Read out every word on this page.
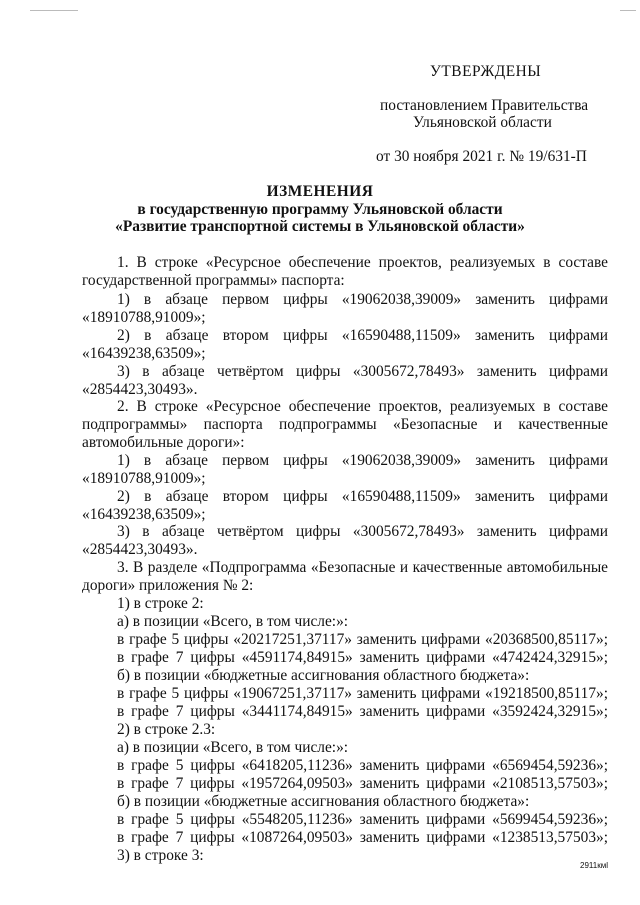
УТВЕРЖДЕНЫ
постановлением Правительства
Ульяновской области
от 30 ноября 2021 г. № 19/631-П
ИЗМЕНЕНИЯ
в государственную программу Ульяновской области
«Развитие транспортной системы в Ульяновской области»
1. В строке «Ресурсное обеспечение проектов, реализуемых в составе
государственной программы» паспорта:
1) в абзаце первом цифры «19062038,39009» заменить цифрами
«18910788,91009»;
2) в абзаце втором цифры «16590488,11509» заменить цифрами
«16439238,63509»;
3) в абзаце четвёртом цифры «3005672,78493» заменить цифрами
«2854423,30493».
2. В строке «Ресурсное обеспечение проектов, реализуемых в составе
подпрограммы» паспорта подпрограммы «Безопасные и качественные
автомобильные дороги»:
1) в абзаце первом цифры «19062038,39009» заменить цифрами
«18910788,91009»;
2) в абзаце втором цифры «16590488,11509» заменить цифрами
«16439238,63509»;
3) в абзаце четвёртом цифры «3005672,78493» заменить цифрами
«2854423,30493».
3. В разделе «Подпрограмма «Безопасные и качественные автомобильные
дороги» приложения № 2:
1) в строке 2:
а) в позиции «Всего, в том числе:»:
в графе 5 цифры «20217251,37117» заменить цифрами «20368500,85117»;
в графе 7 цифры «4591174,84915» заменить цифрами «4742424,32915»;
б) в позиции «бюджетные ассигнования областного бюджета»:
в графе 5 цифры «19067251,37117» заменить цифрами «19218500,85117»;
в графе 7 цифры «3441174,84915» заменить цифрами «3592424,32915»;
2) в строке 2.3:
а) в позиции «Всего, в том числе:»:
в графе 5 цифры «6418205,11236» заменить цифрами «6569454,59236»;
в графе 7 цифры «1957264,09503» заменить цифрами «2108513,57503»;
б) в позиции «бюджетные ассигнования областного бюджета»:
в графе 5 цифры «5548205,11236» заменить цифрами «5699454,59236»;
в графе 7 цифры «1087264,09503» заменить цифрами «1238513,57503»;
3) в строке 3:
2911кмl
